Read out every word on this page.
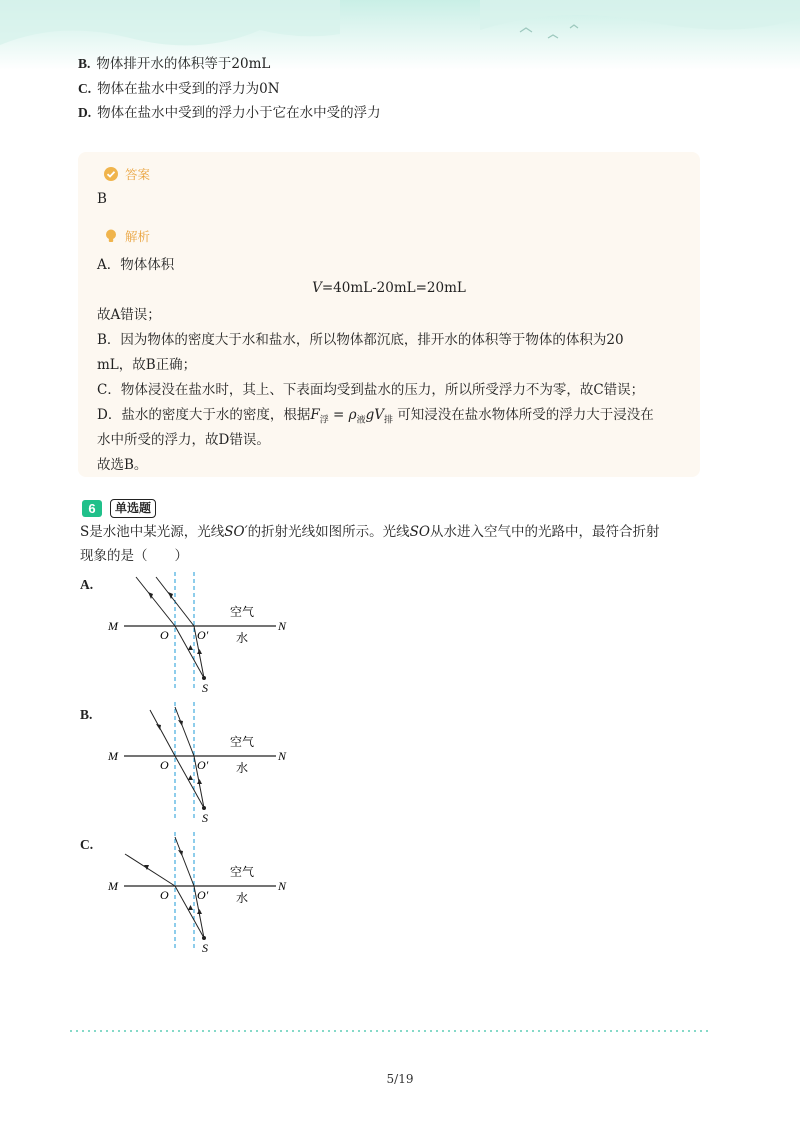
B. 物体排开水的体积等于20mL
C. 物体在盐水中受到的浮力为0N
D. 物体在盐水中受到的浮力小于它在水中受的浮力
答案
B
解析
A．物体体积
V=40mL-20mL=20mL
故A错误；
B．因为物体的密度大于水和盐水，所以物体都沉底，排开水的体积等于物体的体积为20
mL，故B正确；
C．物体浸没在盐水时，其上、下表面均受到盐水的压力，所以所受浮力不为零，故C错误；
D．盐水的密度大于水的密度，根据$F_浮 = \rho_液gV_排$ 可知浸没在盐水物体所受的浮力大于浸没在
水中所受的浮力，故D错误。
故选B。
6	单选题
S是水池中某光源，光线SO′的折射光线如图所示。光线SO从水进入空气中的光路中，最符合折射
现象的是（　　）
A.
B.
C.
M	N
O O′
S
空气
水
M	N
O O′
S
空气
水
M	N
O O′
S
空气
水
5/19
